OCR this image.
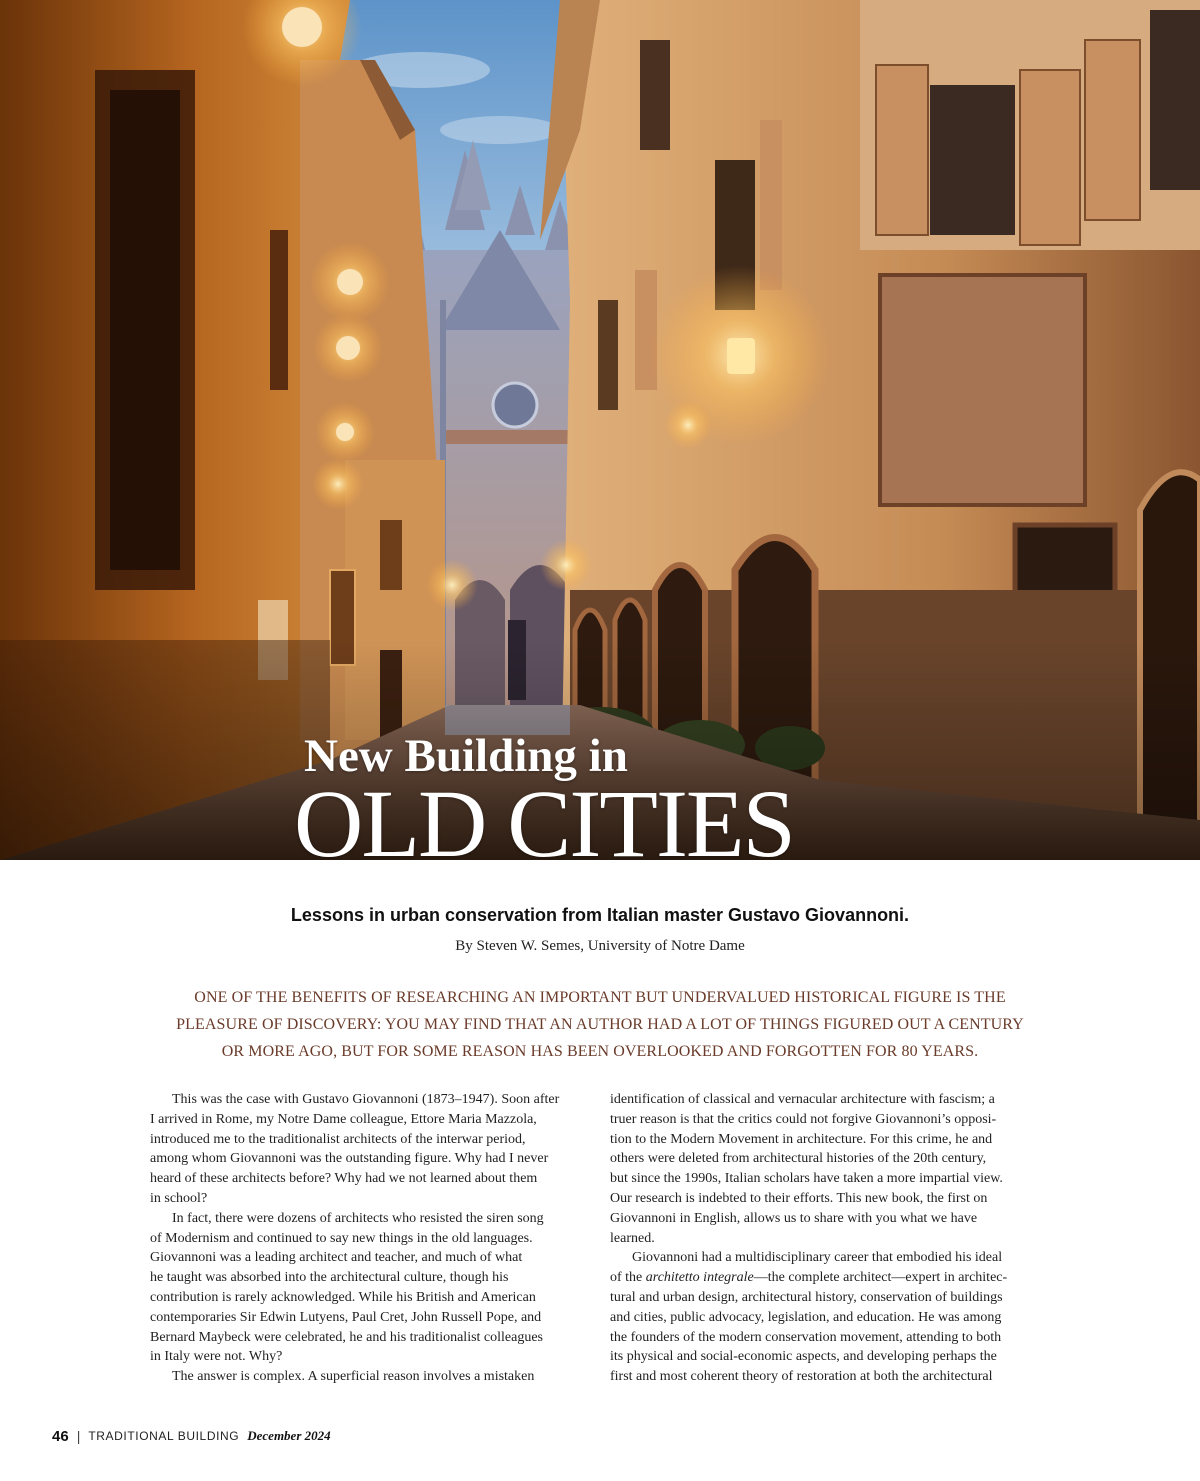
New Building in
OLD CITIES
Lessons in urban conservation from Italian master Gustavo Giovannoni.
By Steven W. Semes, University of Notre Dame
ONE OF THE BENEFITS OF RESEARCHING AN IMPORTANT BUT UNDERVALUED HISTORICAL FIGURE IS THE
PLEASURE OF DISCOVERY: YOU MAY FIND THAT AN AUTHOR HAD A LOT OF THINGS FIGURED OUT A CENTURY
OR MORE AGO, BUT FOR SOME REASON HAS BEEN OVERLOOKED AND FORGOTTEN FOR 80 YEARS.
This was the case with Gustavo Giovannoni (1873–1947). Soon after
I arrived in Rome, my Notre Dame colleague, Ettore Maria Mazzola,
introduced me to the traditionalist architects of the interwar period,
among whom Giovannoni was the outstanding figure. Why had I never
heard of these architects before? Why had we not learned about them
in school?
In fact, there were dozens of architects who resisted the siren song
of Modernism and continued to say new things in the old languages.
Giovannoni was a leading architect and teacher, and much of what
he taught was absorbed into the architectural culture, though his
contribution is rarely acknowledged. While his British and American
contemporaries Sir Edwin Lutyens, Paul Cret, John Russell Pope, and
Bernard Maybeck were celebrated, he and his traditionalist colleagues
in Italy were not. Why?
The answer is complex. A superficial reason involves a mistaken
identification of classical and vernacular architecture with fascism; a
truer reason is that the critics could not forgive Giovannoni’s opposi-
tion to the Modern Movement in architecture. For this crime, he and
others were deleted from architectural histories of the 20th century,
but since the 1990s, Italian scholars have taken a more impartial view.
Our research is indebted to their efforts. This new book, the first on
Giovannoni in English, allows us to share with you what we have
learned.
Giovannoni had a multidisciplinary career that embodied his ideal
of the architetto integrale—the complete architect—expert in architec-
tural and urban design, architectural history, conservation of buildings
and cities, public advocacy, legislation, and education. He was among
the founders of the modern conservation movement, attending to both
its physical and social-economic aspects, and developing perhaps the
first and most coherent theory of restoration at both the architectural
46 | TRADITIONAL BUILDING December 2024
